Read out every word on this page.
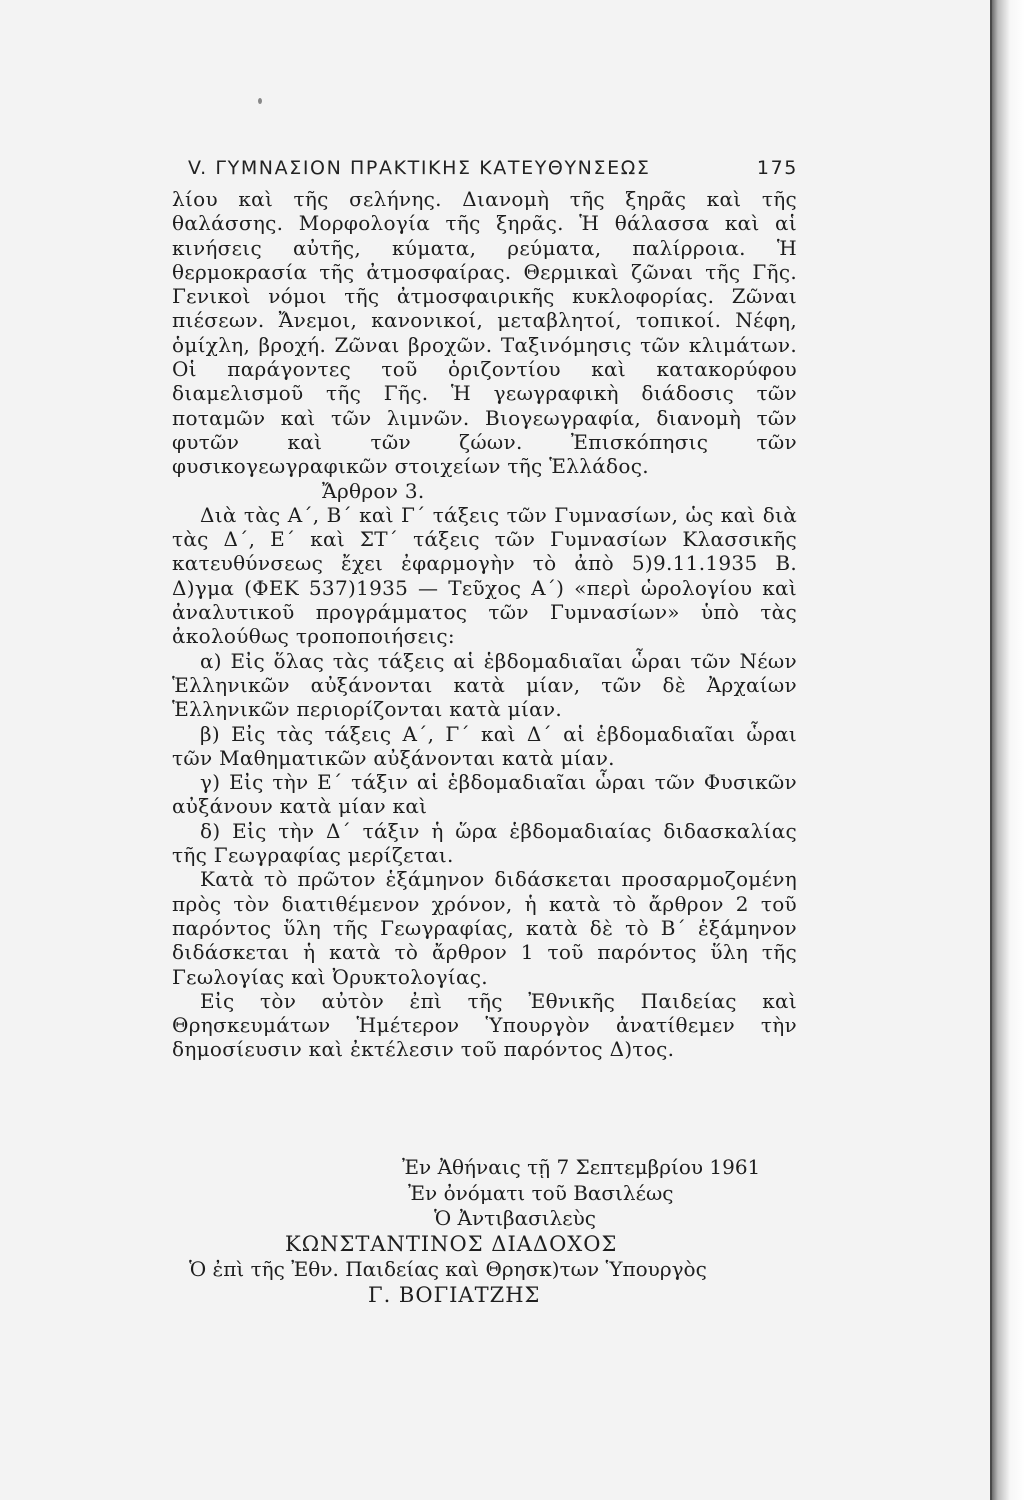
V. ΓΥΜΝΑΣΙΟΝ ΠΡΑΚΤΙΚΗΣ ΚΑΤΕΥΘΥΝΣΕΩΣ	175

λίου καὶ τῆς σελήνης. Διανομὴ τῆς ξηρᾶς καὶ τῆς θαλάσσης. Μορφολογία τῆς ξηρᾶς. Ἡ θάλασσα καὶ αἱ κινήσεις αὐτῆς, κύματα, ρεύματα, παλίρροια. Ἡ θερμοκρασία τῆς ἀτμοσφαίρας. Θερμικαὶ ζῶναι τῆς Γῆς. Γενικοὶ νόμοι τῆς ἀτμοσφαιρικῆς κυκλοφορίας. Ζῶναι πιέσεων. Ἄνεμοι, κανονικοί, μεταβλητοί, τοπικοί. Νέφη, ὁμίχλη, βροχή. Ζῶναι βροχῶν. Ταξινόμησις τῶν κλιμάτων. Οἱ παράγοντες τοῦ ὁριζοντίου καὶ κατακορύφου διαμελισμοῦ τῆς Γῆς. Ἡ γεωγραφικὴ διάδοσις τῶν ποταμῶν καὶ τῶν λιμνῶν. Βιογεωγραφία, διανομὴ τῶν φυτῶν καὶ τῶν ζώων. Ἐπισκόπησις τῶν φυσικογεωγραφικῶν στοιχείων τῆς Ἑλλάδος.

Ἄρθρον 3.

Διὰ τὰς Α΄, Β΄ καὶ Γ΄ τάξεις τῶν Γυμνασίων, ὡς καὶ διὰ τὰς Δ΄, Ε΄ καὶ ΣΤ΄ τάξεις τῶν Γυμνασίων Κλασσικῆς κατευθύνσεως ἔχει ἐφαρμογὴν τὸ ἀπὸ 5)9.11.1935 Β. Δ)γμα (ΦΕΚ 537)1935 — Τεῦχος Α΄) «περὶ ὡρολογίου καὶ ἀναλυτικοῦ προγράμματος τῶν Γυμνασίων» ὑπὸ τὰς ἀκολούθως τροποποιήσεις:

α) Εἰς ὅλας τὰς τάξεις αἱ ἑβδομαδιαῖαι ὧραι τῶν Νέων Ἑλληνικῶν αὐξάνονται κατὰ μίαν, τῶν δὲ Ἀρχαίων Ἑλληνικῶν περιορίζονται κατὰ μίαν.

β) Εἰς τὰς τάξεις Α΄, Γ΄ καὶ Δ΄ αἱ ἑβδομαδιαῖαι ὧραι τῶν Μαθηματικῶν αὐξάνονται κατὰ μίαν.

γ) Εἰς τὴν Ε΄ τάξιν αἱ ἑβδομαδιαῖαι ὧραι τῶν Φυσικῶν αὐξάνουν κατὰ μίαν καὶ

δ) Εἰς τὴν Δ΄ τάξιν ἡ ὥρα ἑβδομαδιαίας διδασκαλίας τῆς Γεωγραφίας μερίζεται.

Κατὰ τὸ πρῶτον ἑξάμηνον διδάσκεται προσαρμοζομένη πρὸς τὸν διατιθέμενον χρόνον, ἡ κατὰ τὸ ἄρθρον 2 τοῦ παρόντος ὕλη τῆς Γεωγραφίας, κατὰ δὲ τὸ Β΄ ἑξάμηνον διδάσκεται ἡ κατὰ τὸ ἄρθρον 1 τοῦ παρόντος ὕλη τῆς Γεωλογίας καὶ Ὀρυκτολογίας.

Εἰς τὸν αὐτὸν ἐπὶ τῆς Ἐθνικῆς Παιδείας καὶ Θρησκευμάτων Ἡμέτερον Ὑπουργὸν ἀνατίθεμεν τὴν δημοσίευσιν καὶ ἐκτέλεσιν τοῦ παρόντος Δ)τος.

Ἐν Ἀθήναις τῇ 7 Σεπτεμβρίου 1961
Ἐν ὀνόματι τοῦ Βασιλέως
Ὁ Ἀντιβασιλεὺς
ΚΩΝΣΤΑΝΤΙΝΟΣ ΔΙΑΔΟΧΟΣ
Ὁ ἐπὶ τῆς Ἐθν. Παιδείας καὶ Θρησκ)των Ὑπουργὸς
Γ. ΒΟΓΙΑΤΖΗΣ
